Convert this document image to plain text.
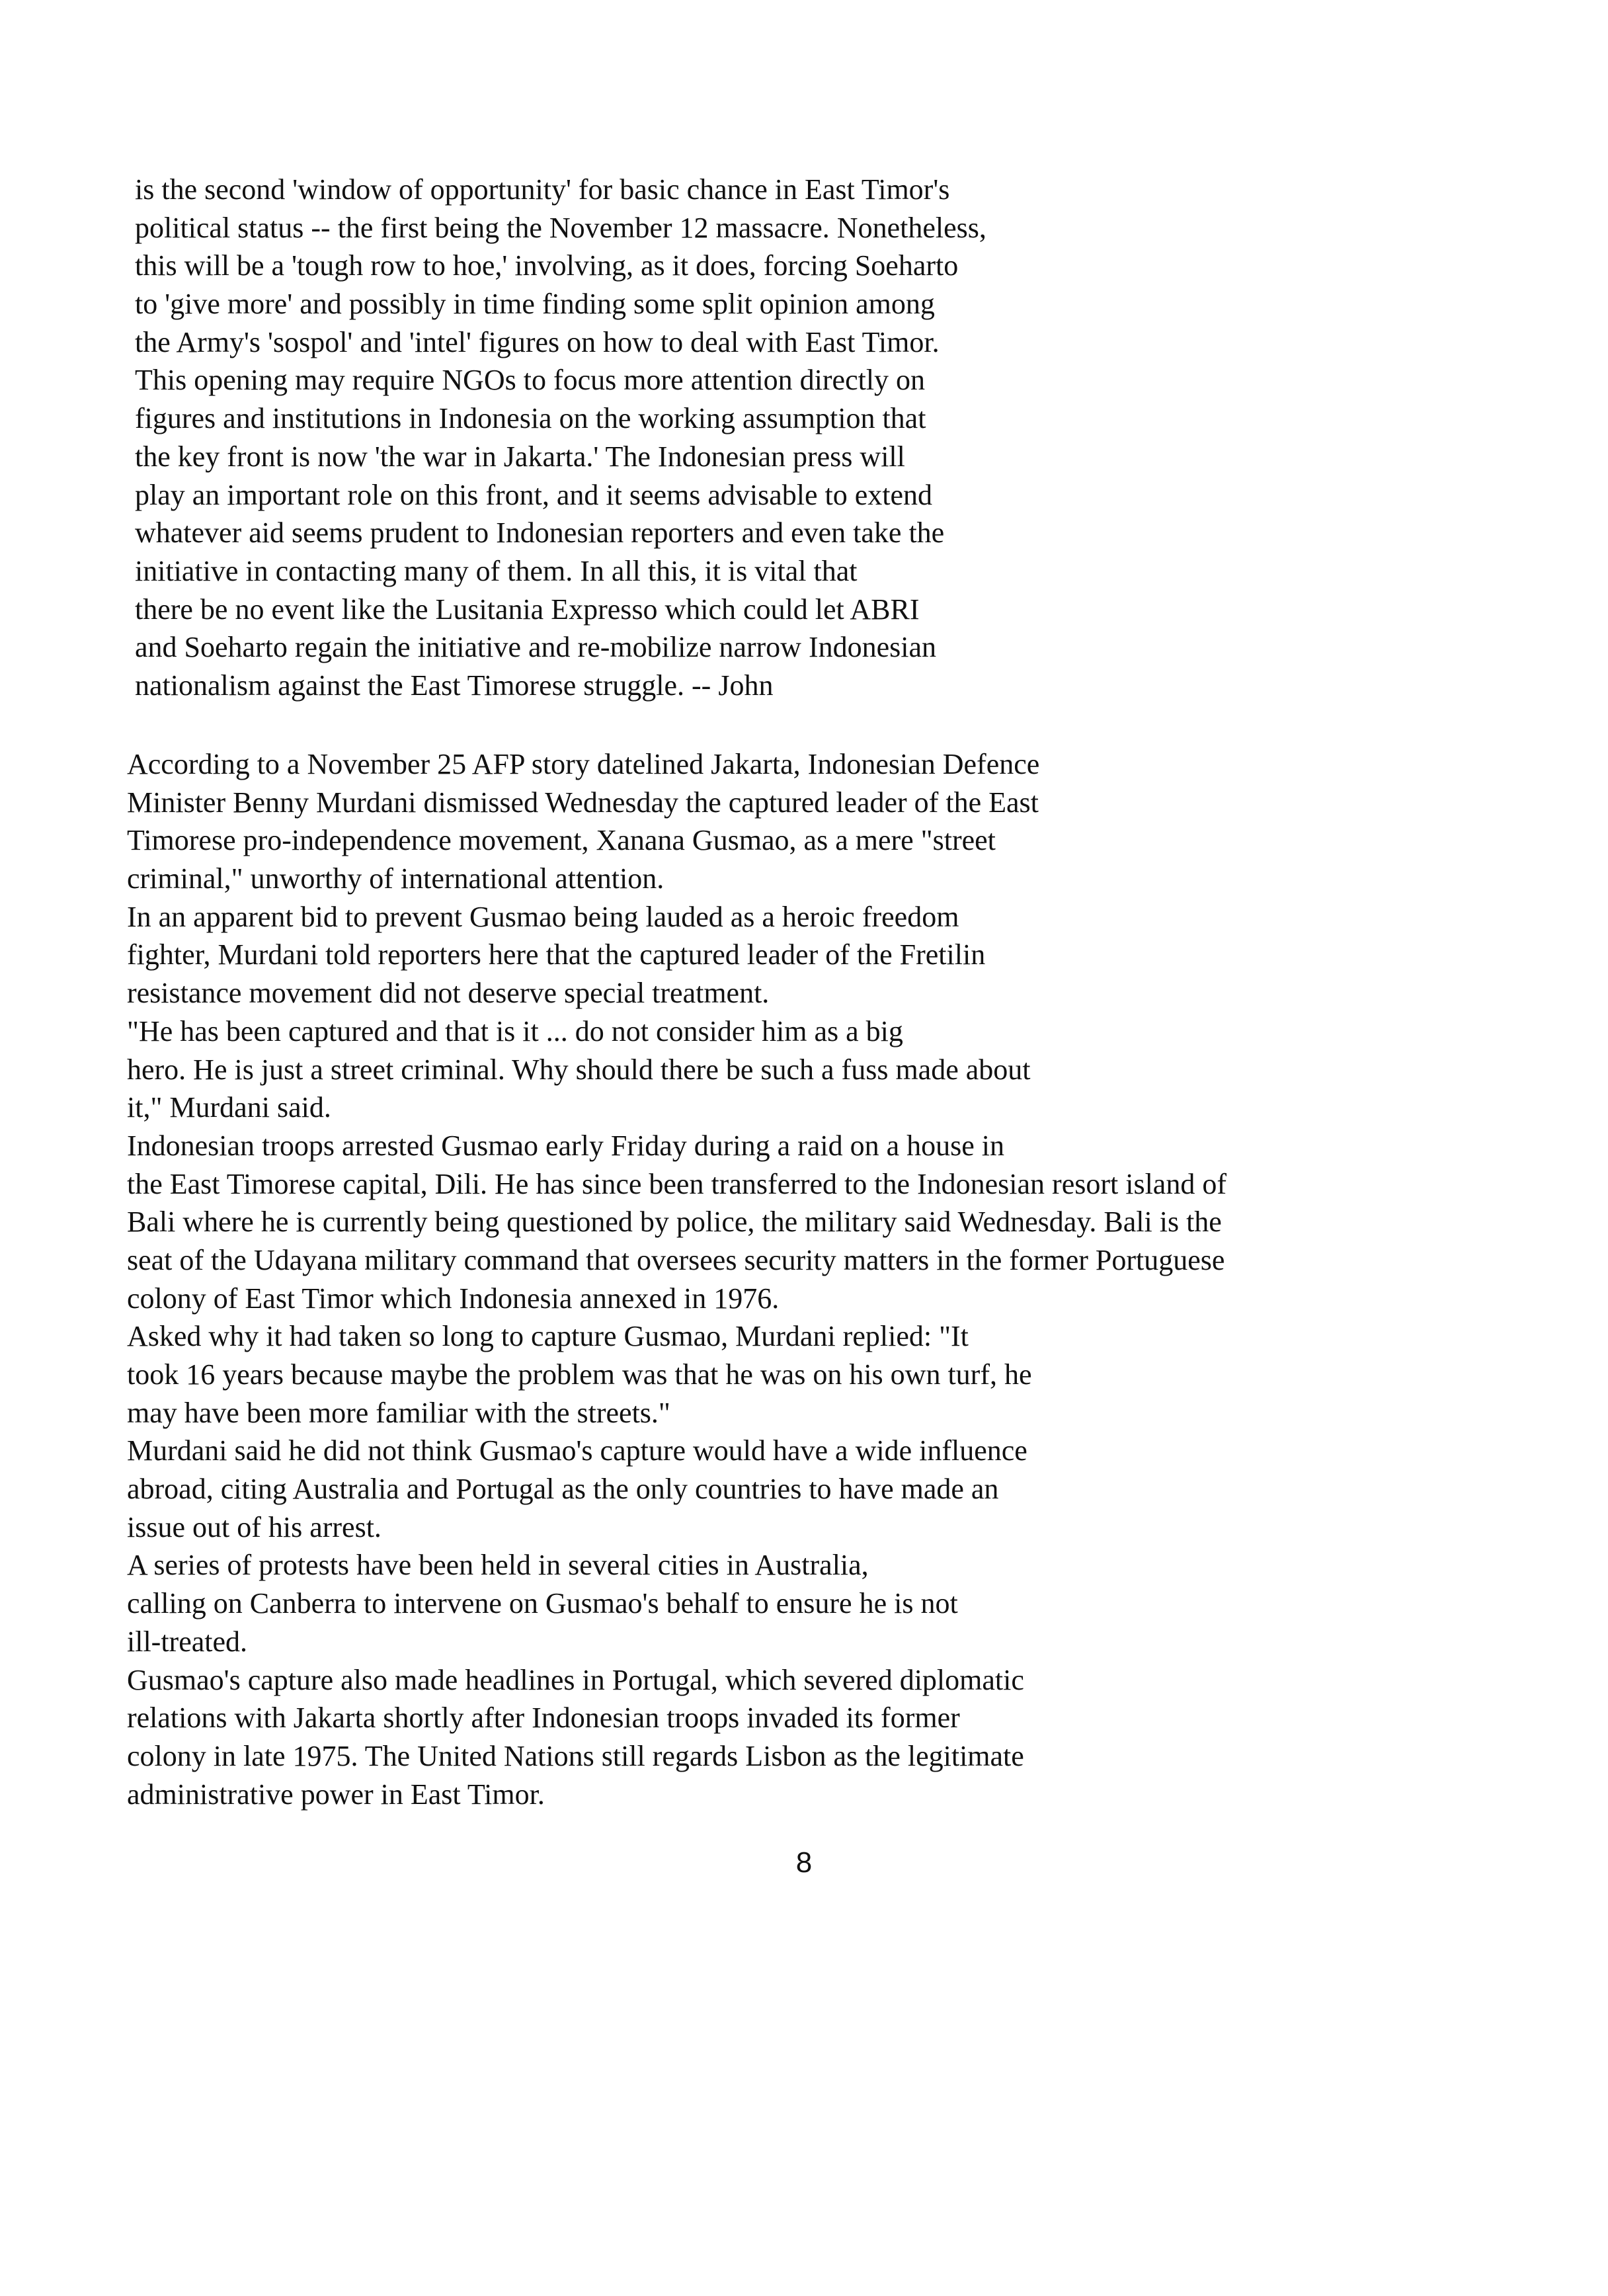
is the second 'window of opportunity' for basic chance in East Timor's
political status -- the first being the November 12 massacre. Nonetheless,
this will be a 'tough row to hoe,' involving, as it does, forcing Soeharto
to 'give more' and possibly in time finding some split opinion among
the Army's 'sospol' and 'intel' figures on how to deal with East Timor.
This opening may require NGOs to focus more attention directly on
figures and institutions in Indonesia on the working assumption that
the key front is now 'the war in Jakarta.' The Indonesian press will
play an important role on this front, and it seems advisable to extend
whatever aid seems prudent to Indonesian reporters and even take the
initiative in contacting many of them. In all this, it is vital that
there be no event like the Lusitania Expresso which could let ABRI
and Soeharto regain the initiative and re-mobilize narrow Indonesian
nationalism against the East Timorese struggle. -- John
According to a November 25 AFP story datelined Jakarta, Indonesian Defence
Minister Benny Murdani dismissed Wednesday the captured leader of the East
Timorese pro-independence movement, Xanana Gusmao, as a mere "street
criminal," unworthy of international attention.
In an apparent bid to prevent Gusmao being lauded as a heroic freedom
fighter, Murdani told reporters here that the captured leader of the Fretilin
resistance movement did not deserve special treatment.
"He has been captured and that is it ... do not consider him as a big
hero. He is just a street criminal. Why should there be such a fuss made about
it," Murdani said.
Indonesian troops arrested Gusmao early Friday during a raid on a house in
the East Timorese capital, Dili. He has since been transferred to the Indonesian resort island of
Bali where he is currently being questioned by police, the military said Wednesday. Bali is the
seat of the Udayana military command that oversees security matters in the former Portuguese
colony of East Timor which Indonesia annexed in 1976.
Asked why it had taken so long to capture Gusmao, Murdani replied: "It
took 16 years because maybe the problem was that he was on his own turf, he
may have been more familiar with the streets."
Murdani said he did not think Gusmao's capture would have a wide influence
abroad, citing Australia and Portugal as the only countries to have made an
issue out of his arrest.
A series of protests have been held in several cities in Australia,
calling on Canberra to intervene on Gusmao's behalf to ensure he is not
ill-treated.
Gusmao's capture also made headlines in Portugal, which severed diplomatic
relations with Jakarta shortly after Indonesian troops invaded its former
colony in late 1975. The United Nations still regards Lisbon as the legitimate
administrative power in East Timor.
8
